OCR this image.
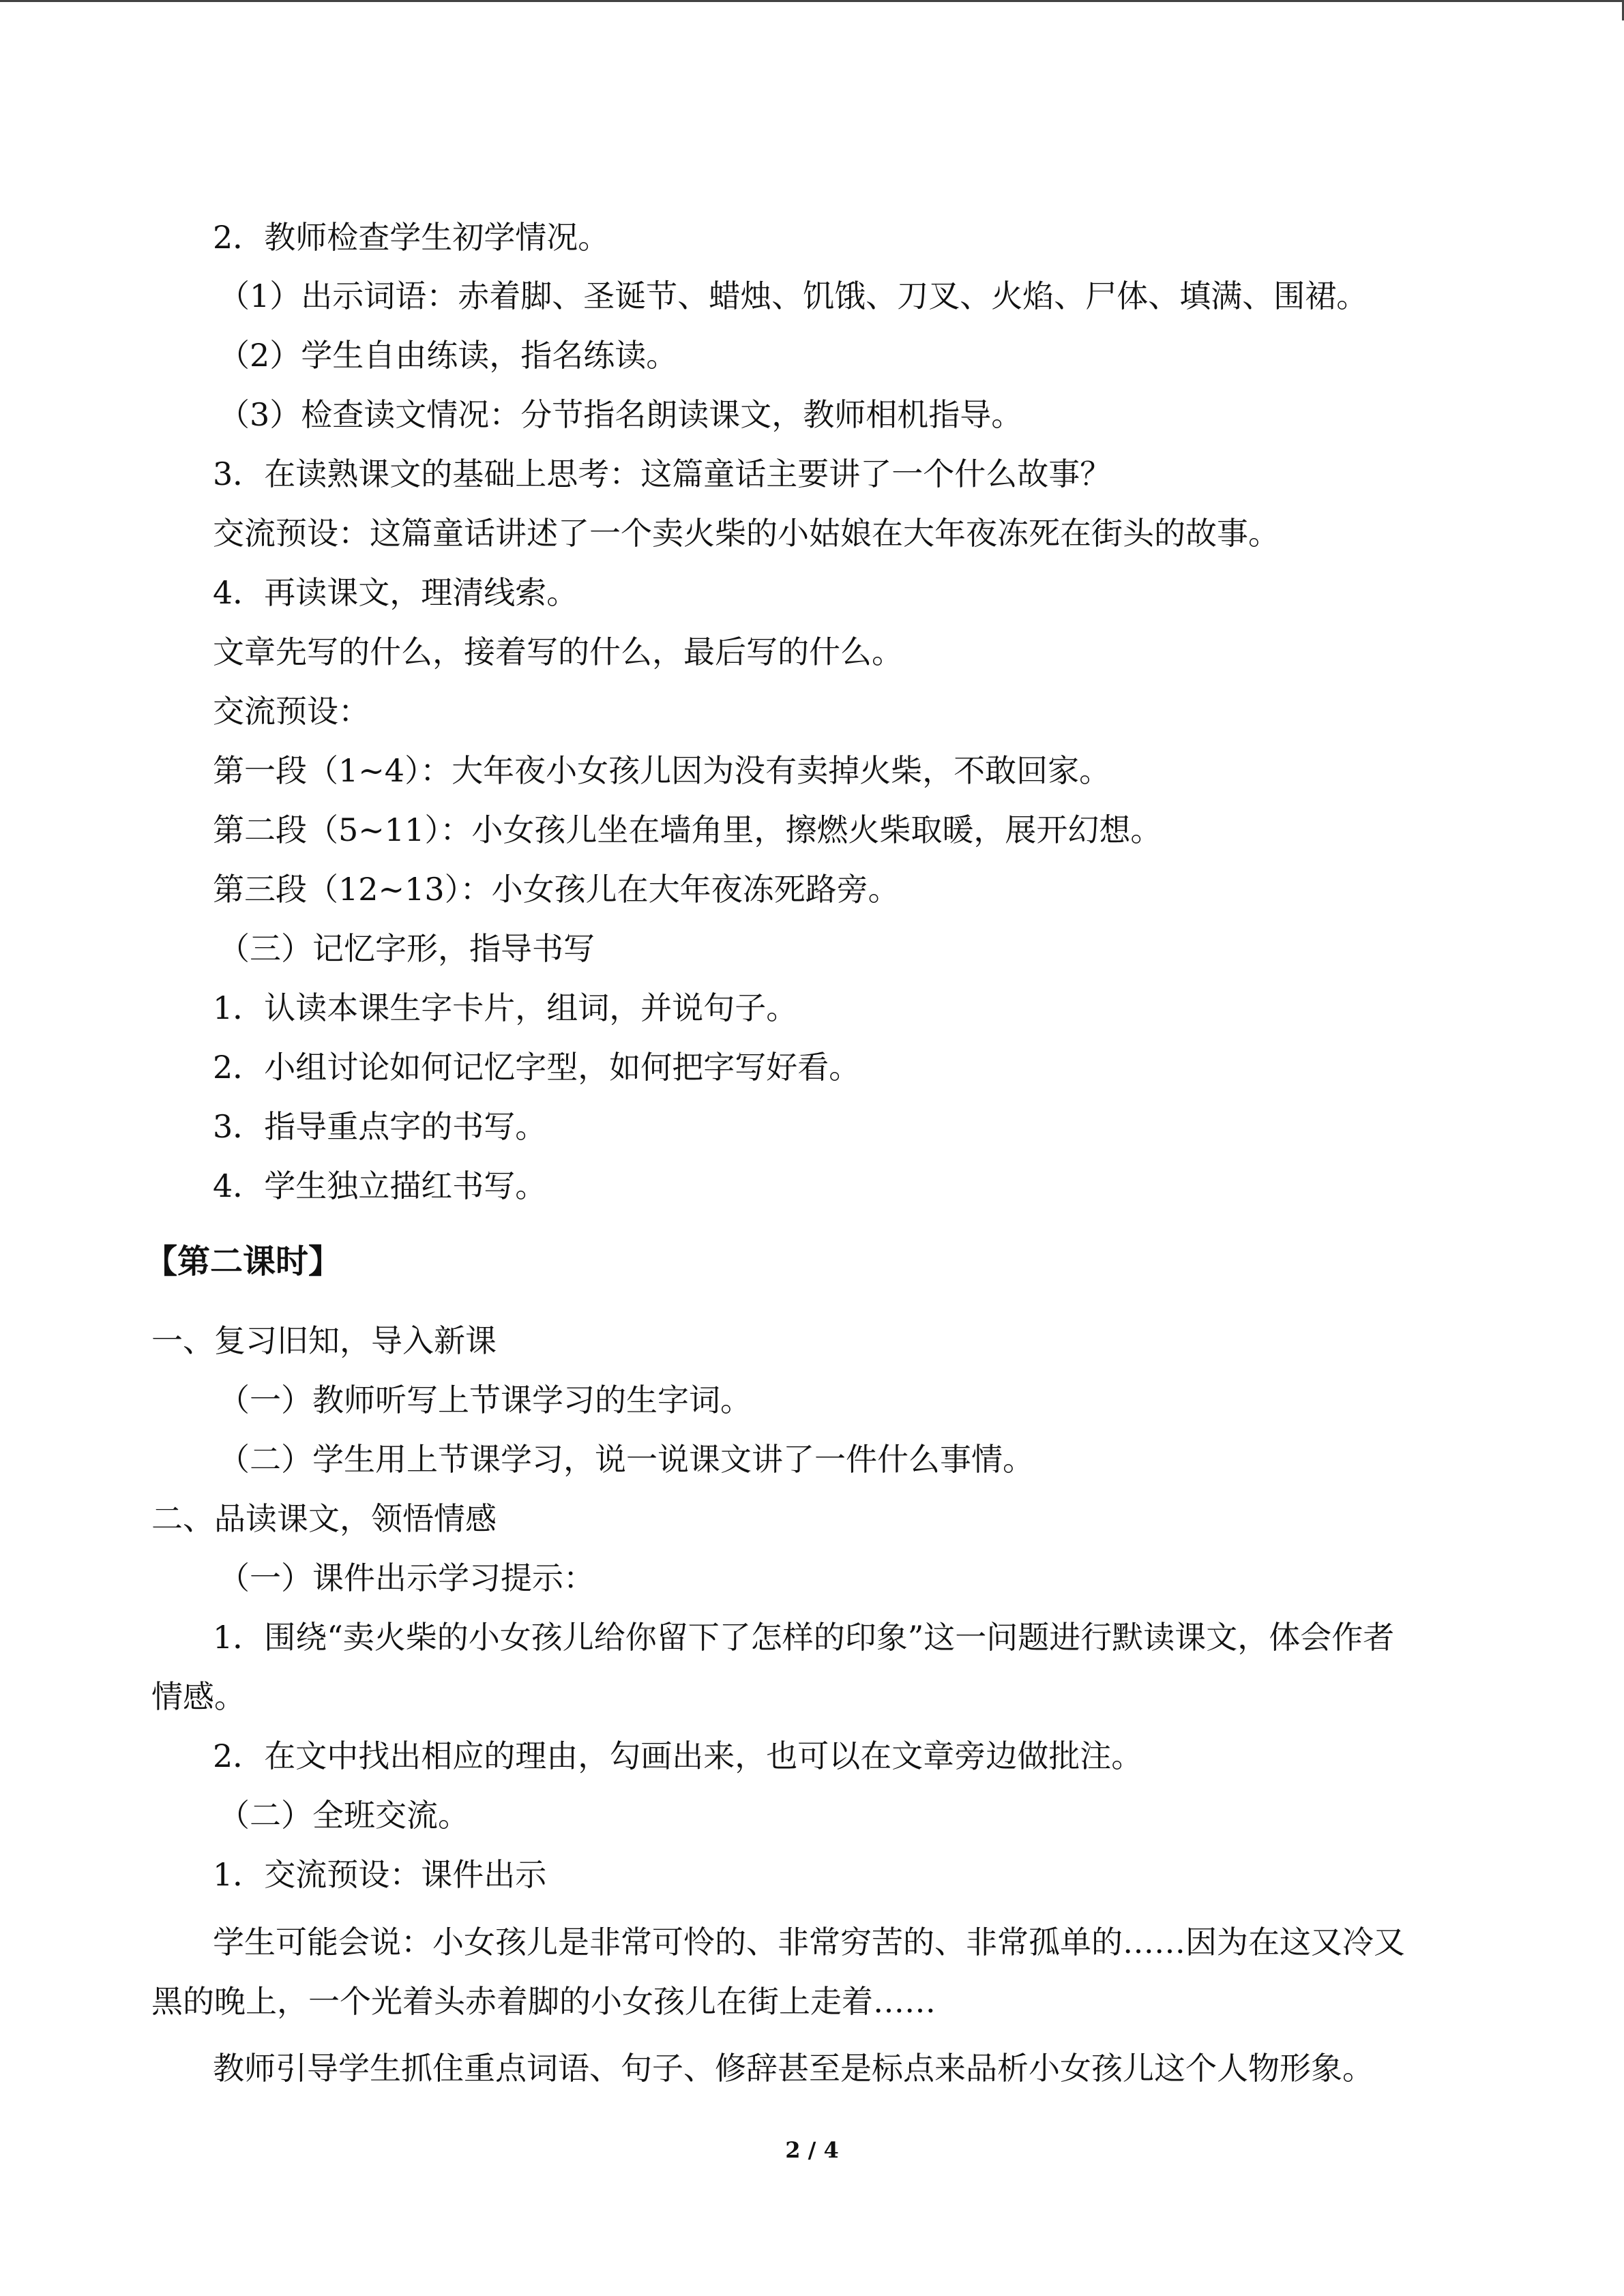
2．教师检查学生初学情况。
（1）出示词语：赤着脚、圣诞节、蜡烛、饥饿、刀叉、火焰、尸体、填满、围裙。
（2）学生自由练读，指名练读。
（3）检查读文情况：分节指名朗读课文，教师相机指导。
3．在读熟课文的基础上思考：这篇童话主要讲了一个什么故事？
交流预设：这篇童话讲述了一个卖火柴的小姑娘在大年夜冻死在街头的故事。
4．再读课文，理清线索。
文章先写的什么，接着写的什么，最后写的什么。
交流预设：
第一段（1~4）：大年夜小女孩儿因为没有卖掉火柴，不敢回家。
第二段（5~11）：小女孩儿坐在墙角里，擦燃火柴取暖，展开幻想。
第三段（12~13）：小女孩儿在大年夜冻死路旁。
（三）记忆字形，指导书写
1．认读本课生字卡片，组词，并说句子。
2．小组讨论如何记忆字型，如何把字写好看。
3．指导重点字的书写。
4．学生独立描红书写。
【第二课时】
一、复习旧知，导入新课
（一）教师听写上节课学习的生字词。
（二）学生用上节课学习，说一说课文讲了一件什么事情。
二、品读课文，领悟情感
（一）课件出示学习提示：
1．围绕“卖火柴的小女孩儿给你留下了怎样的印象”这一问题进行默读课文，体会作者
情感。
2．在文中找出相应的理由，勾画出来，也可以在文章旁边做批注。
（二）全班交流。
1．交流预设：课件出示
学生可能会说：小女孩儿是非常可怜的、非常穷苦的、非常孤单的……因为在这又冷又
黑的晚上，一个光着头赤着脚的小女孩儿在街上走着……
教师引导学生抓住重点词语、句子、修辞甚至是标点来品析小女孩儿这个人物形象。
2 / 4
